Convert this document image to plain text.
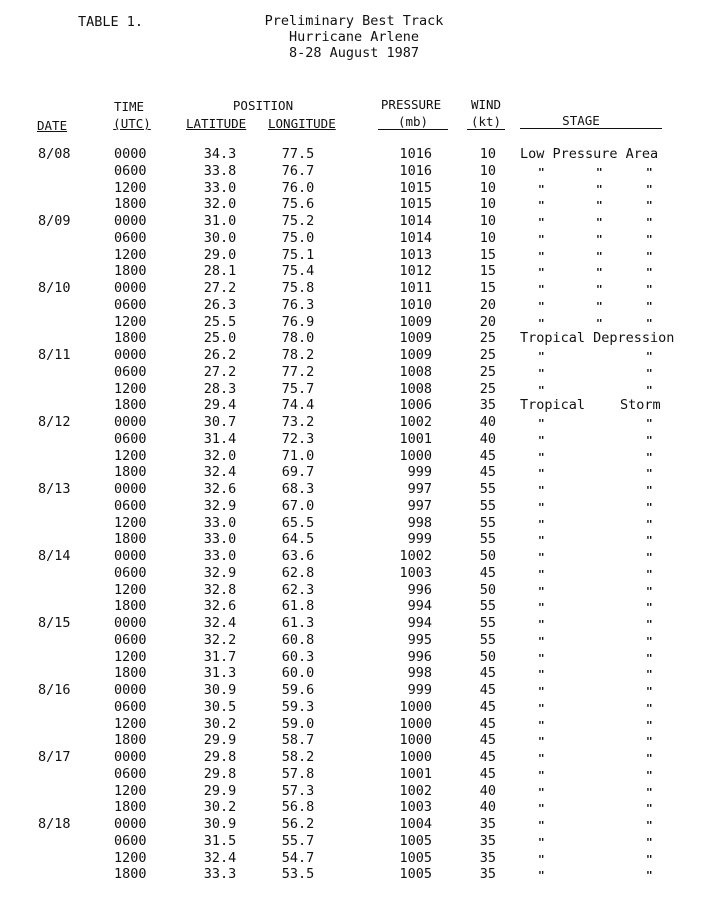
TABLE 1.	Preliminary Best Track
Hurricane Arlene
8-28 August 1987
TIME	POSITION	PRESSURE	WIND
DATE	(UTC)	LATITUDE LONGITUDE	(mb)	(kt)	STAGE
8/08	0000	34.3	77.5	1016	10 Low Pressure Area
0600	33.8	76.7	1016	10	"	"	"
1200	33.0	76.0	1015	10	"	"	"
1800	32.0	75.6	1015	10	"	"	"
8/09	0000	31.0	75.2	1014	10	"	"	"
0600	30.0	75.0	1014	10	"	"	"
1200	29.0	75.1	1013	15	"	"	"
1800	28.1	75.4	1012	15	"	"	"
8/10	0000	27.2	75.8	1011	15	"	"	"
0600	26.3	76.3	1010	20	"	"	"
1200	25.5	76.9	1009	20	"	"	"
1800	25.0	78.0	1009	25 Tropical Depression
8/11	0000	26.2	78.2	1009	25	"	"
0600	27.2	77.2	1008	25	"	"
1200	28.3	75.7	1008	25	"	"
1800	29.4	74.4	1006	35 Tropical	Storm
8/12	0000	30.7	73.2	1002	40	"	"
0600	31.4	72.3	1001	40	"	"
1200	32.0	71.0	1000	45	"	"
1800	32.4	69.7	999	45	"	"
8/13	0000	32.6	68.3	997	55	"	"
0600	32.9	67.0	997	55	"	"
1200	33.0	65.5	998	55	"	"
1800	33.0	64.5	999	55	"	"
8/14	0000	33.0	63.6	1002	50	"	"
0600	32.9	62.8	1003	45	"	"
1200	32.8	62.3	996	50	"	"
1800	32.6	61.8	994	55	"	"
8/15	0000	32.4	61.3	994	55	"	"
0600	32.2	60.8	995	55	"	"
1200	31.7	60.3	996	50	"	"
1800	31.3	60.0	998	45	"	"
8/16	0000	30.9	59.6	999	45	"	"
0600	30.5	59.3	1000	45	"	"
1200	30.2	59.0	1000	45	"	"
1800	29.9	58.7	1000	45	"	"
8/17	0000	29.8	58.2	1000	45	"	"
0600	29.8	57.8	1001	45	"	"
1200	29.9	57.3	1002	40	"	"
1800	30.2	56.8	1003	40	"	"
8/18	0000	30.9	56.2	1004	35	"	"
0600	31.5	55.7	1005	35	"	"
1200	32.4	54.7	1005	35	"	"
1800	33.3	53.5	1005	35	"	"
